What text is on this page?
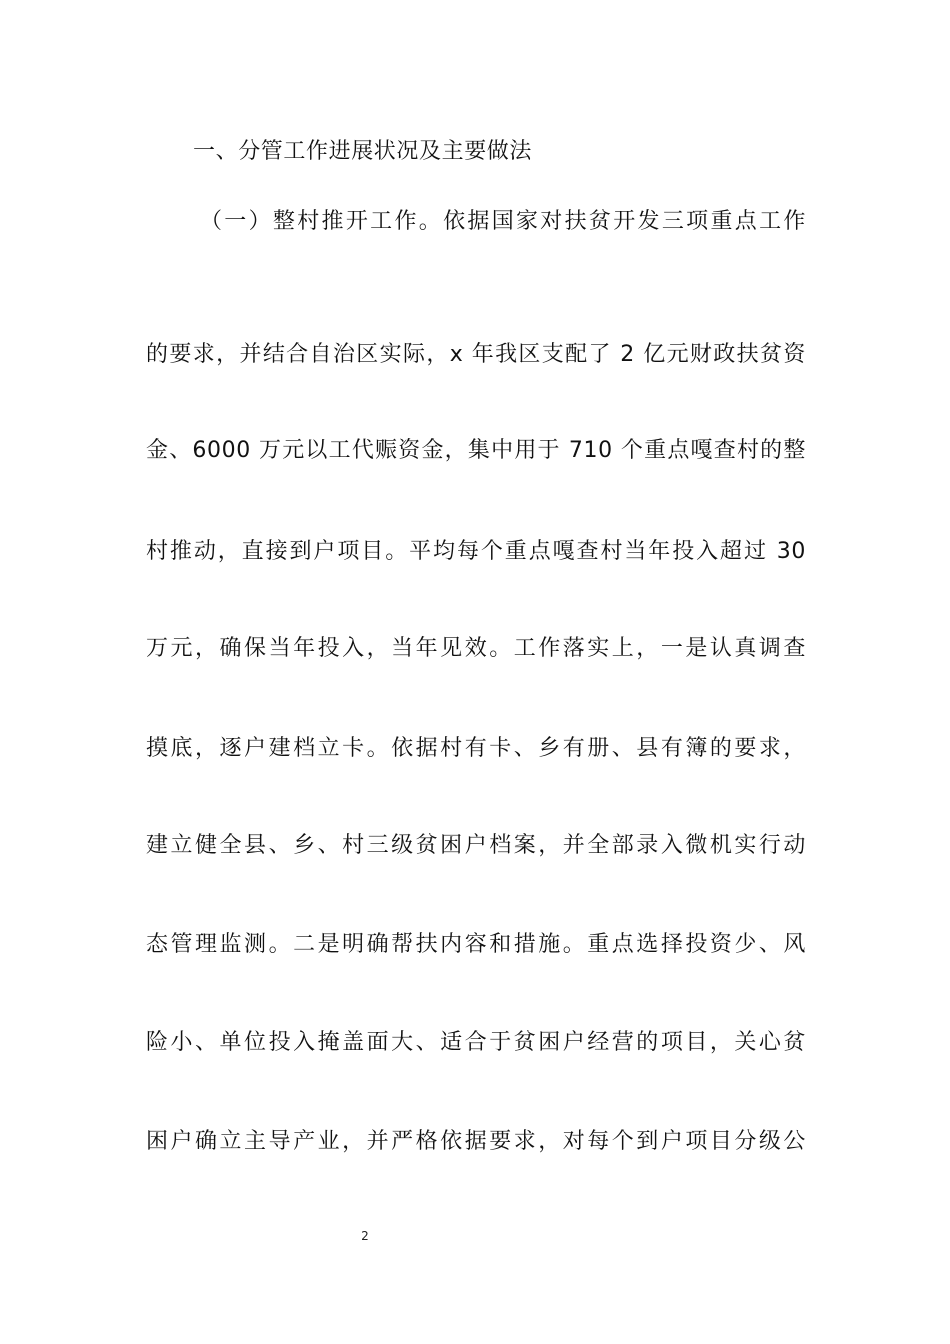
一、分管工作进展状况及主要做法
（一）整村推开工作。依据国家对扶贫开发三项重点工作
的要求，并结合自治区实际，x 年我区支配了 2 亿元财政扶贫资
金、6000 万元以工代赈资金，集中用于 710 个重点嘎查村的整
村推动，直接到户项目。平均每个重点嘎查村当年投入超过 30
万元，确保当年投入，当年见效。工作落实上，一是认真调查
摸底，逐户建档立卡。依据村有卡、乡有册、县有簿的要求，
建立健全县、乡、村三级贫困户档案，并全部录入微机实行动
态管理监测。二是明确帮扶内容和措施。重点选择投资少、风
险小、单位投入掩盖面大、适合于贫困户经营的项目，关心贫
困户确立主导产业，并严格依据要求，对每个到户项目分级公
2
